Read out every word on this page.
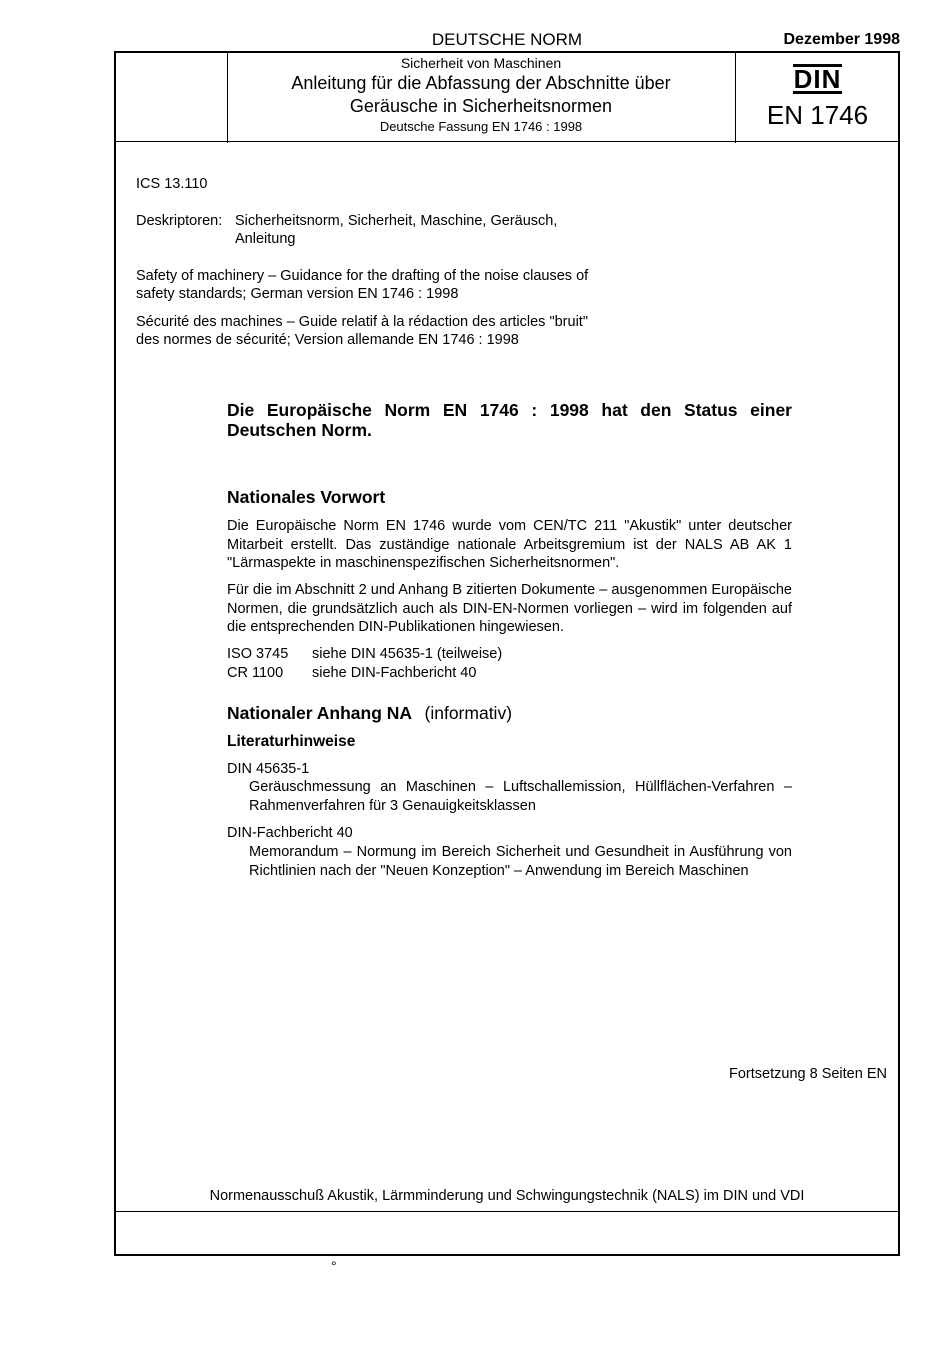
DEUTSCHE NORM	Dezember 1998
Sicherheit von Maschinen
Anleitung für die Abfassung der Abschnitte über
Geräusche in Sicherheitsnormen
Deutsche Fassung EN 1746 : 1998
DIN
EN 1746
ICS 13.110
Deskriptoren: Sicherheitsnorm, Sicherheit, Maschine, Geräusch,
Anleitung
Safety of machinery – Guidance for the drafting of the noise clauses of
safety standards; German version EN 1746 : 1998
Sécurité des machines – Guide relatif à la rédaction des articles "bruit"
des normes de sécurité; Version allemande EN 1746 : 1998
Die Europäische Norm EN 1746 : 1998 hat den Status einer Deutschen Norm.
Nationales Vorwort
Die Europäische Norm EN 1746 wurde vom CEN/TC 211 "Akustik" unter deutscher Mitarbeit erstellt. Das zuständige nationale Arbeitsgremium ist der NALS AB AK 1 "Lärmaspekte in maschinenspezifischen Sicherheitsnormen".
Für die im Abschnitt 2 und Anhang B zitierten Dokumente – ausgenommen Europäische Normen, die grundsätzlich auch als DIN-EN-Normen vorliegen – wird im folgenden auf die entsprechenden DIN-Publikationen hingewiesen.
ISO 3745 siehe DIN 45635-1 (teilweise)
CR 1100 siehe DIN-Fachbericht 40
Nationaler Anhang NA (informativ)
Literaturhinweise
DIN 45635-1
Geräuschmessung an Maschinen – Luftschallemission, Hüllflächen-Verfahren – Rahmenverfahren für 3 Genauigkeitsklassen
DIN-Fachbericht 40
Memorandum – Normung im Bereich Sicherheit und Gesundheit in Ausführung von Richtlinien nach der "Neuen Konzeption" – Anwendung im Bereich Maschinen
Fortsetzung 8 Seiten EN
Normenausschuß Akustik, Lärmminderung und Schwingungstechnik (NALS) im DIN und VDI
°
